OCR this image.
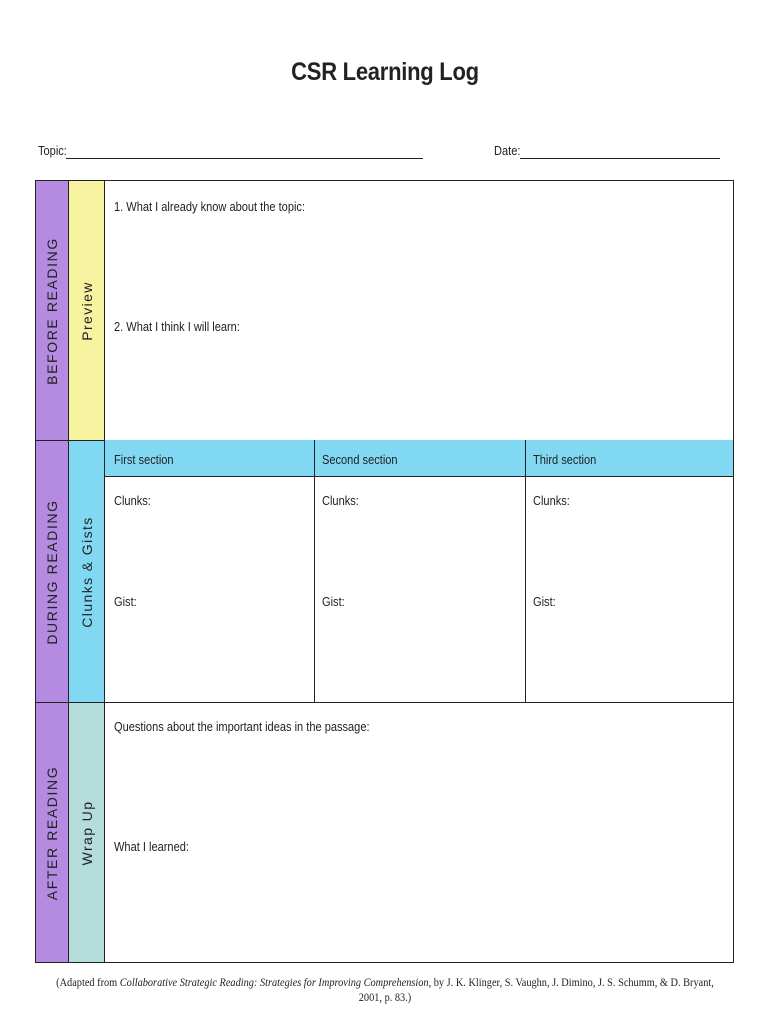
CSR Learning Log
Topic:	Date:
BEFORE READING Preview
1. What I already know about the topic:
2. What I think I will learn:
DURING READING Clunks & Gists
First section	Second section	Third section
Clunks:	Clunks:	Clunks:
Gist:	Gist:	Gist:
AFTER READING Wrap Up
Questions about the important ideas in the passage:
What I learned:
(Adapted from Collaborative Strategic Reading: Strategies for Improving Comprehension, by J. K. Klinger, S. Vaughn, J. Dimino, J. S. Schumm, & D. Bryant, 2001, p. 83.)
